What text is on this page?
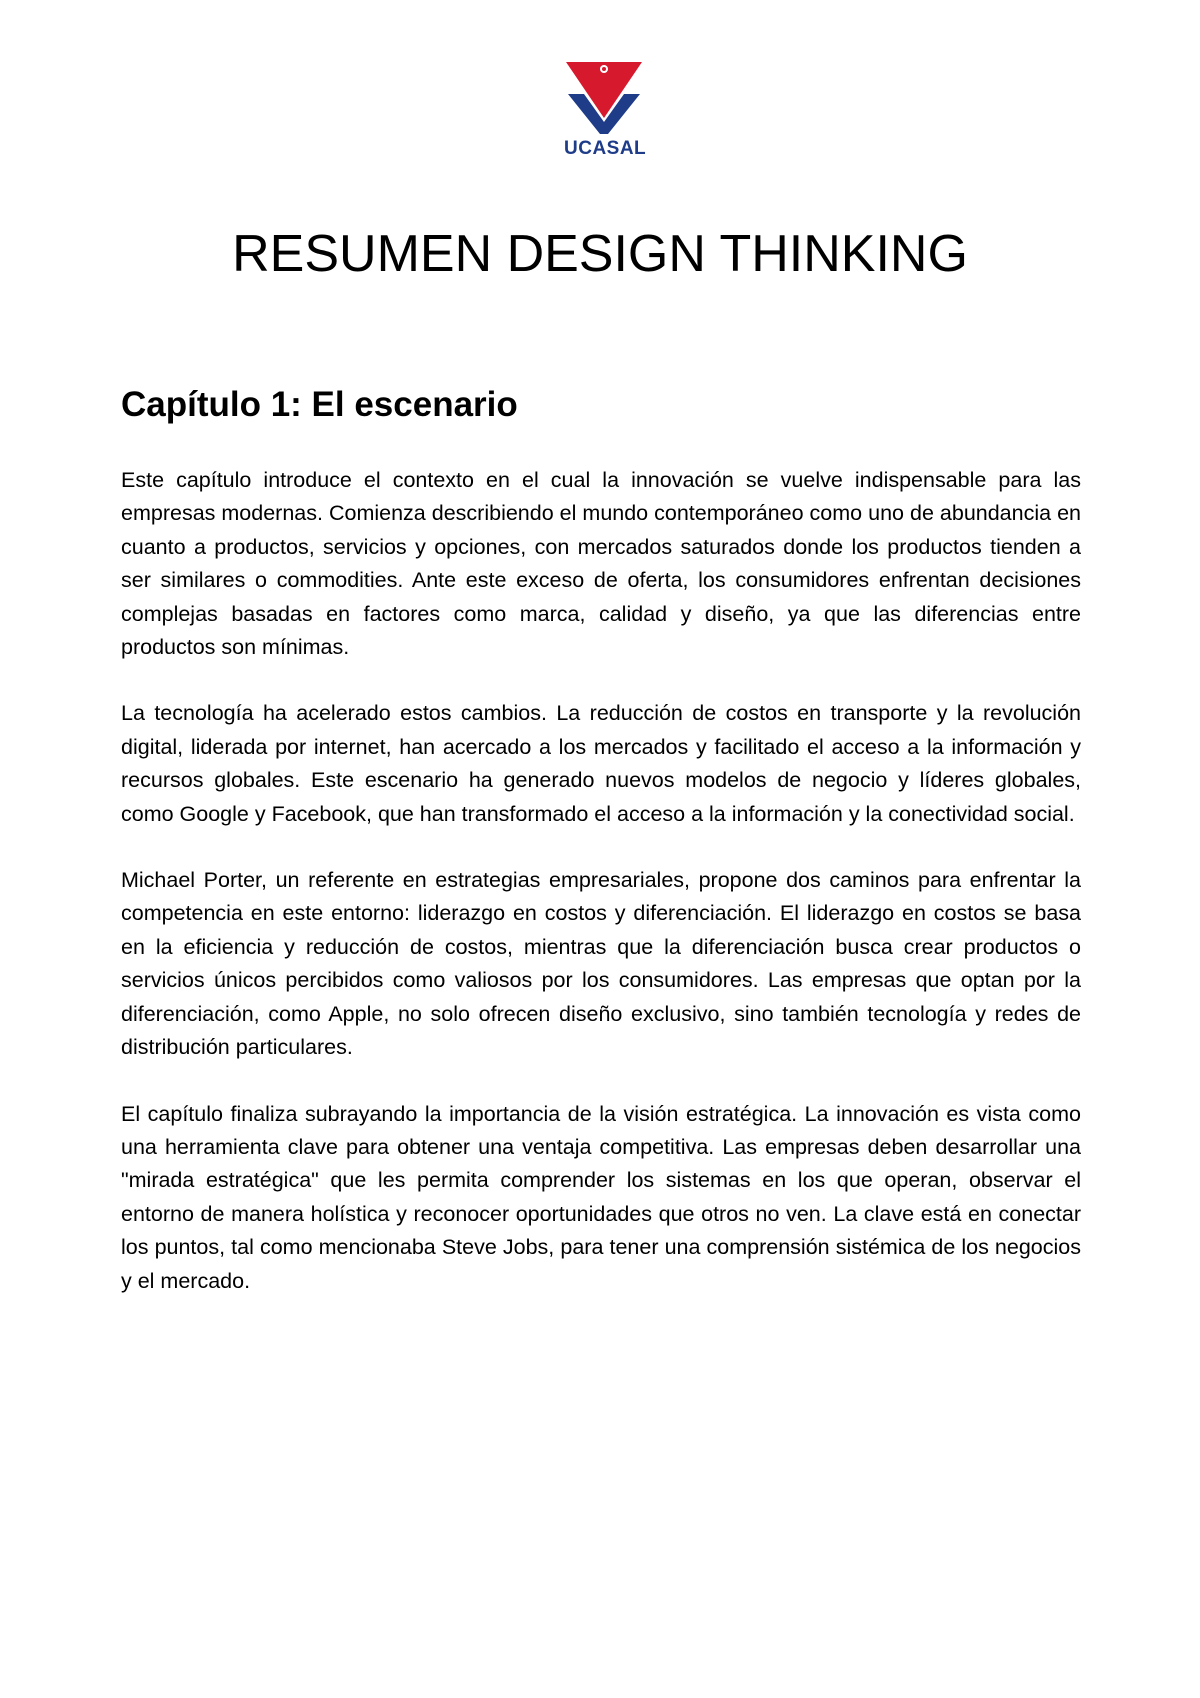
UCASAL
RESUMEN DESIGN THINKING
Capítulo 1: El escenario

Este capítulo introduce el contexto en el cual la innovación se vuelve indispensable para las empresas modernas. Comienza describiendo el mundo contemporáneo como uno de abundancia en cuanto a productos, servicios y opciones, con mercados saturados donde los productos tienden a ser similares o commodities. Ante este exceso de oferta, los consumidores enfrentan decisiones complejas basadas en factores como marca, calidad y diseño, ya que las diferencias entre productos son mínimas.

La tecnología ha acelerado estos cambios. La reducción de costos en transporte y la revolución digital, liderada por internet, han acercado a los mercados y facilitado el acceso a la información y recursos globales. Este escenario ha generado nuevos modelos de negocio y líderes globales, como Google y Facebook, que han transformado el acceso a la información y la conectividad social.

Michael Porter, un referente en estrategias empresariales, propone dos caminos para enfrentar la competencia en este entorno: liderazgo en costos y diferenciación. El liderazgo en costos se basa en la eficiencia y reducción de costos, mientras que la diferenciación busca crear productos o servicios únicos percibidos como valiosos por los consumidores. Las empresas que optan por la diferenciación, como Apple, no solo ofrecen diseño exclusivo, sino también tecnología y redes de distribución particulares.

El capítulo finaliza subrayando la importancia de la visión estratégica. La innovación es vista como una herramienta clave para obtener una ventaja competitiva. Las empresas deben desarrollar una "mirada estratégica" que les permita comprender los sistemas en los que operan, observar el entorno de manera holística y reconocer oportunidades que otros no ven. La clave está en conectar los puntos, tal como mencionaba Steve Jobs, para tener una comprensión sistémica de los negocios y el mercado.
